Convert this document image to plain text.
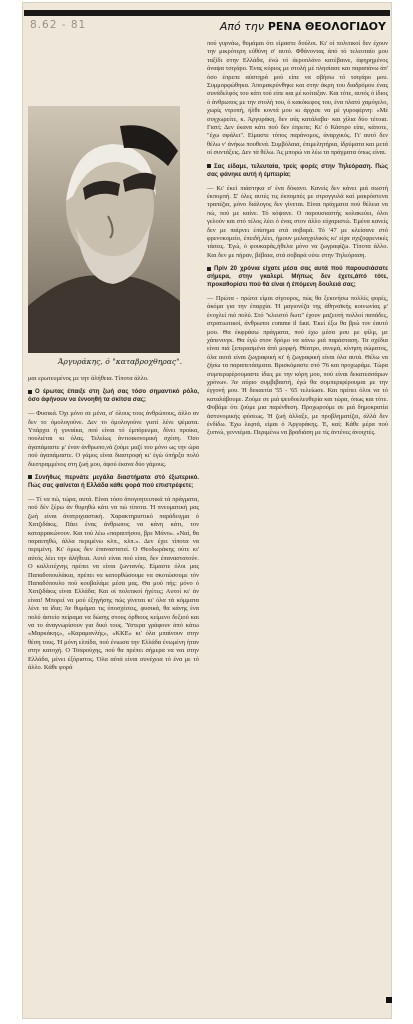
8.62 - 81	Από την ΡΕΝΑ ΘΕΟΛΟΓΙΔΟΥ
Άργυράκης, ό "καταβροχθηρας".

μαι ερωτευμένος με την άλήθεια. Τίποτα άλλο.

Ο έρωτας έπαιξε στη ζωή σας τόσο σημαντικό ρόλο, όσο άφήνουν να έννοηθή τα σκίτσα σας;

— Φυσικά. Όχι μόνο σε μένα, σ' όλους τους άνθρώπους, άλλο αν δεν το όμολογούνε. Δεν το όμολογούνε γιατί λένε ψέματα. Υπάρχει ή γυναίκα, πού είναι τό έμπόρευμα, δίνει προίκα, πουλιέται κι όλας. Τελείως άντιοικονομική σχέση. Όσο άγαπάμαστε μ' έναν άνθρωπο,νά ζούμε μαζί του μόνο ως την ώρα πού άγαπάμαστε. Ο γάμος είναι διαστροφή κι' έγώ ύπήρξα πολύ διεστραμμένος στη ζωή μου, άφού έκανα δύο γάμους.

Συνήθως περνάτε μεγάλα διαστήματα στό έξωτερικό. Πώς σας φαίνεται ή Ελλάδα κάθε φορά πού επιστρέφετε;

— Τί να πώ, τώρα, αυτά. Είναι τόσο άπογοητευτικά τά πράγματα, πού δέν ξέρω άν θυμηθώ κάτι να πώ τίποτα. Ή πνευματική μας ζωή είναι άνατριχιαστική. Χαρακτηριστικό παράδειγμα ό Χατζιδάκις. Πάει ένας άνθρωπος να κάνη κάτι, τον καταρρακώνουν. Και τού λέω «παραιτήσου, βρε Μάνο». «Ναί, θα παραιτηθώ, άλλα περιμένω κλπ., κλπ.». Δεν έχει τίποτα να περιμένη. Κι' όμως δεν έπαναστατεί. Ο Θεοδωράκης ούτε κι' αύτός λέει την άλήθεια. Αυτό είναι πού είπα, δεν έπαναστατούν. Ο καλλιτέχνης πρέπει να είναι ζωντανός. Είμαστε όλοι μας Παπαδοπουλάκια, πρέπει να κατορθώσουμε να σκοτώσουμε τόν Παπαδόπουλο πού κουβαλάμε μέσα μας. Θα μού πής: μόνο ό Χατζιδάκις είναι Ελλάδα; Και οί πολιτικοί ήγέτες; Αυτοί κι' άν είναι! Μπορεί να μού έξηγήσης πώς γίνεται κι' όλα τά κόμματα λένε τα ίδια; Άν θυμάμαι τις ύποσχέσεις, φυσικά, θα κάνης ένα πολύ άστείο πείραμα να δώσης στους όρθιους κείμενο δεξιού και να το άναγνωρίσουν για δικό τους. Ύστερα γράφουν άπό κάτω «Μαρκάκης», «Καραμανλής», «ΚΚΕ» κι' όλα μπαίνουν στην θέση τους. Ή μόνη ελπίδα, πού ένιωσα την Ελλάδα ένωμένη ήταν στην κατοχή. Ο Τσαρούχης, πού θα πρέπει σήμερα να ναι στην Ελλάδα, μένει έξόριστος. Όλα αύτά είναι συνέχεια τό ένα με τό άλλο. Κάθε φορά

πού γυρνάω, θυμάμαι ότι είμαστε δούλοι. Κι' οί πολιτικοί δεν έχουν την μικρότερη εύθύνη σ' αυτό. Φθάνοντας άπό τό τελευταίο μου ταξίδι στην Ελλάδα, ένώ τό άεροπλάνο κατέβαινε, άφηρημένος άναψα τσιγάρο. Ένας κύριος με στολή μέ πλησίασε και παραπάνω άπ' όσο έπρεπε αύστηρά μού είπε να σβήσω τό τσιγάρο μου. Συμμορφώθηκα. Άπομακρύνθηκε και στην άκρη του διαδρόμου ένας συνάδελφός του κάτι τού είπε και μέ κοίταξαν. Και τότε, αυτός ό ίδιος ό άνθρωπος με την στολή του, ό κακόκεφος του, ένα πλατύ χαμόγελο, χωρίς ντροπή, ήλθε κοντά μου κι άρχισε να μέ γυροφέρνη: «Μέ συγχωρείτε, κ. Άργυράκη, δεν σάς κατάλαβα· και χίλια δύο τέτοια. Γιατί; Δεν έκανα κάτι πού δεν έπρεπε; Κι' ό Κάστρο είπε, κάποτε, "έχω σφάλει". Είμαστε τόπος παράνομος, άναρχικός. Γι' αυτό δεν θέλω ν' άνήκω πουθενά. Συμβόλαια, έπιμελητήρια, ίδρύματα και μετά οί συντάξεις. Δεν τά θέλω. Άς μπορώ να λέω τα πράγματα όπως είναι.

Σας είδαμε, τελευταία, τρείς φορές στην Τηλεόραση. Πώς σας φάνηκε αυτή ή έμπειρία;

— Κι' έκεί πιάστηκα σ' ένα δόκανο. Κανείς δεν κάνει μιά σωστή έκπομπή. Σ' όλες αυτές τις έκπομπές με στρογγυλά καί μακρόστενα τραπέζια, μόνο διάλογος δεν γίνεται. Είναι πράγματα πού θέλεια να πώ, πού με καίνε. Τό κόψανε. Ο παρουσιαστής κολακεύει, όλοι γελούν και στό τέλος λέει ό ένας στον άλλο εύχαριστώ. Έμένα κανείς δεν με παίρνει έπίσημα στά σοβαρά. Τό '47 με κλείσανε στό φρενοκομείο, έπειδή,λέει, ήμουν μελαγχολικός κι' είχα σχιζοφρενικές τάσεις. Έγώ, ό φουκαράς,ήθελα μόνο να ζωγραφίζω. Τίποτα άλλο. Και δεν με πήραν, βέβαια, στά σοβαρά ούτε στην Τηλεόραση.

Πρίν 20 χρόνια είχατε μέσα σας αυτά πού παρουσιάσατε σήμερα, στην γκαλερί. Μήπως δεν έχετε,άπό τότε, προκαθορίσει πού θά είναι ή έπόμενη δουλειά σας;

— Πρώτα - πρώτα είμαι σίγουρος, πώς θα ξεκινήσω πολλές φορές, άκόμα για την έπαρχία. Ή μαγιονέζα της άθηναϊκής κοινωνίας μ' ένοχλεί πιό πολύ. Στό "κλειστό δωτι" έχουν μαζευτή πολλοί παπάδες, στρατιωτικοί, άνθρωποι comme il faut. Έκεί έξω θα βρώ τον έαυτό μου. Θα έκφράσω πράγματα, πού έχω μέσα μου με φίλμ, με χάπενινγκ. Θα έγώ στον δρόμο να κάνω μιά παράσταση. Τα σχέδια είναι πιά ξεπερασμένα άπό μορφή. Θέατρο, σινεμά, κίνηση σώματος, όλα αυτά είναι ζωγραφική κι' ή ζωγραφική είναι όλα αυτά. Θέλω να ζήσω τα παραπετάσματα. Βρισκόμαστε στό '76 και προχωράμε. Τώρα συμπεριφέρουμαστε ίδιες με την κόρη μου, πού είναι δεκατεσσάρων χρόνων. Άν αύριο συμβιβαστή, έγώ θα συμπεριφέρουμαι με την έγγονή μου. Ή δεκαετία '55 - '65 τελείωσε. Και πρέπει όλοι να τό καταλάβουμε. Ζούμε σε μιά ψευδοελευθερία και τώρα, όπως και τότε. Φοβάμε ότι ζούμε μια παρένθεση. Προχωρούμε σε μιά δημοκρατία άστυνομικής φύσεως. Ή ζωή άλλαξε, με προβληματίζει, άλλά δεν ένδίδω. Έχω λεφτά, είμαι ό Άργυράκης. Έ, καί; Κάθε μέρα πού ξυπνώ, γεννιέμαι. Περιμένω να βραδιάση με τίς άντένες άνοιχτές.
